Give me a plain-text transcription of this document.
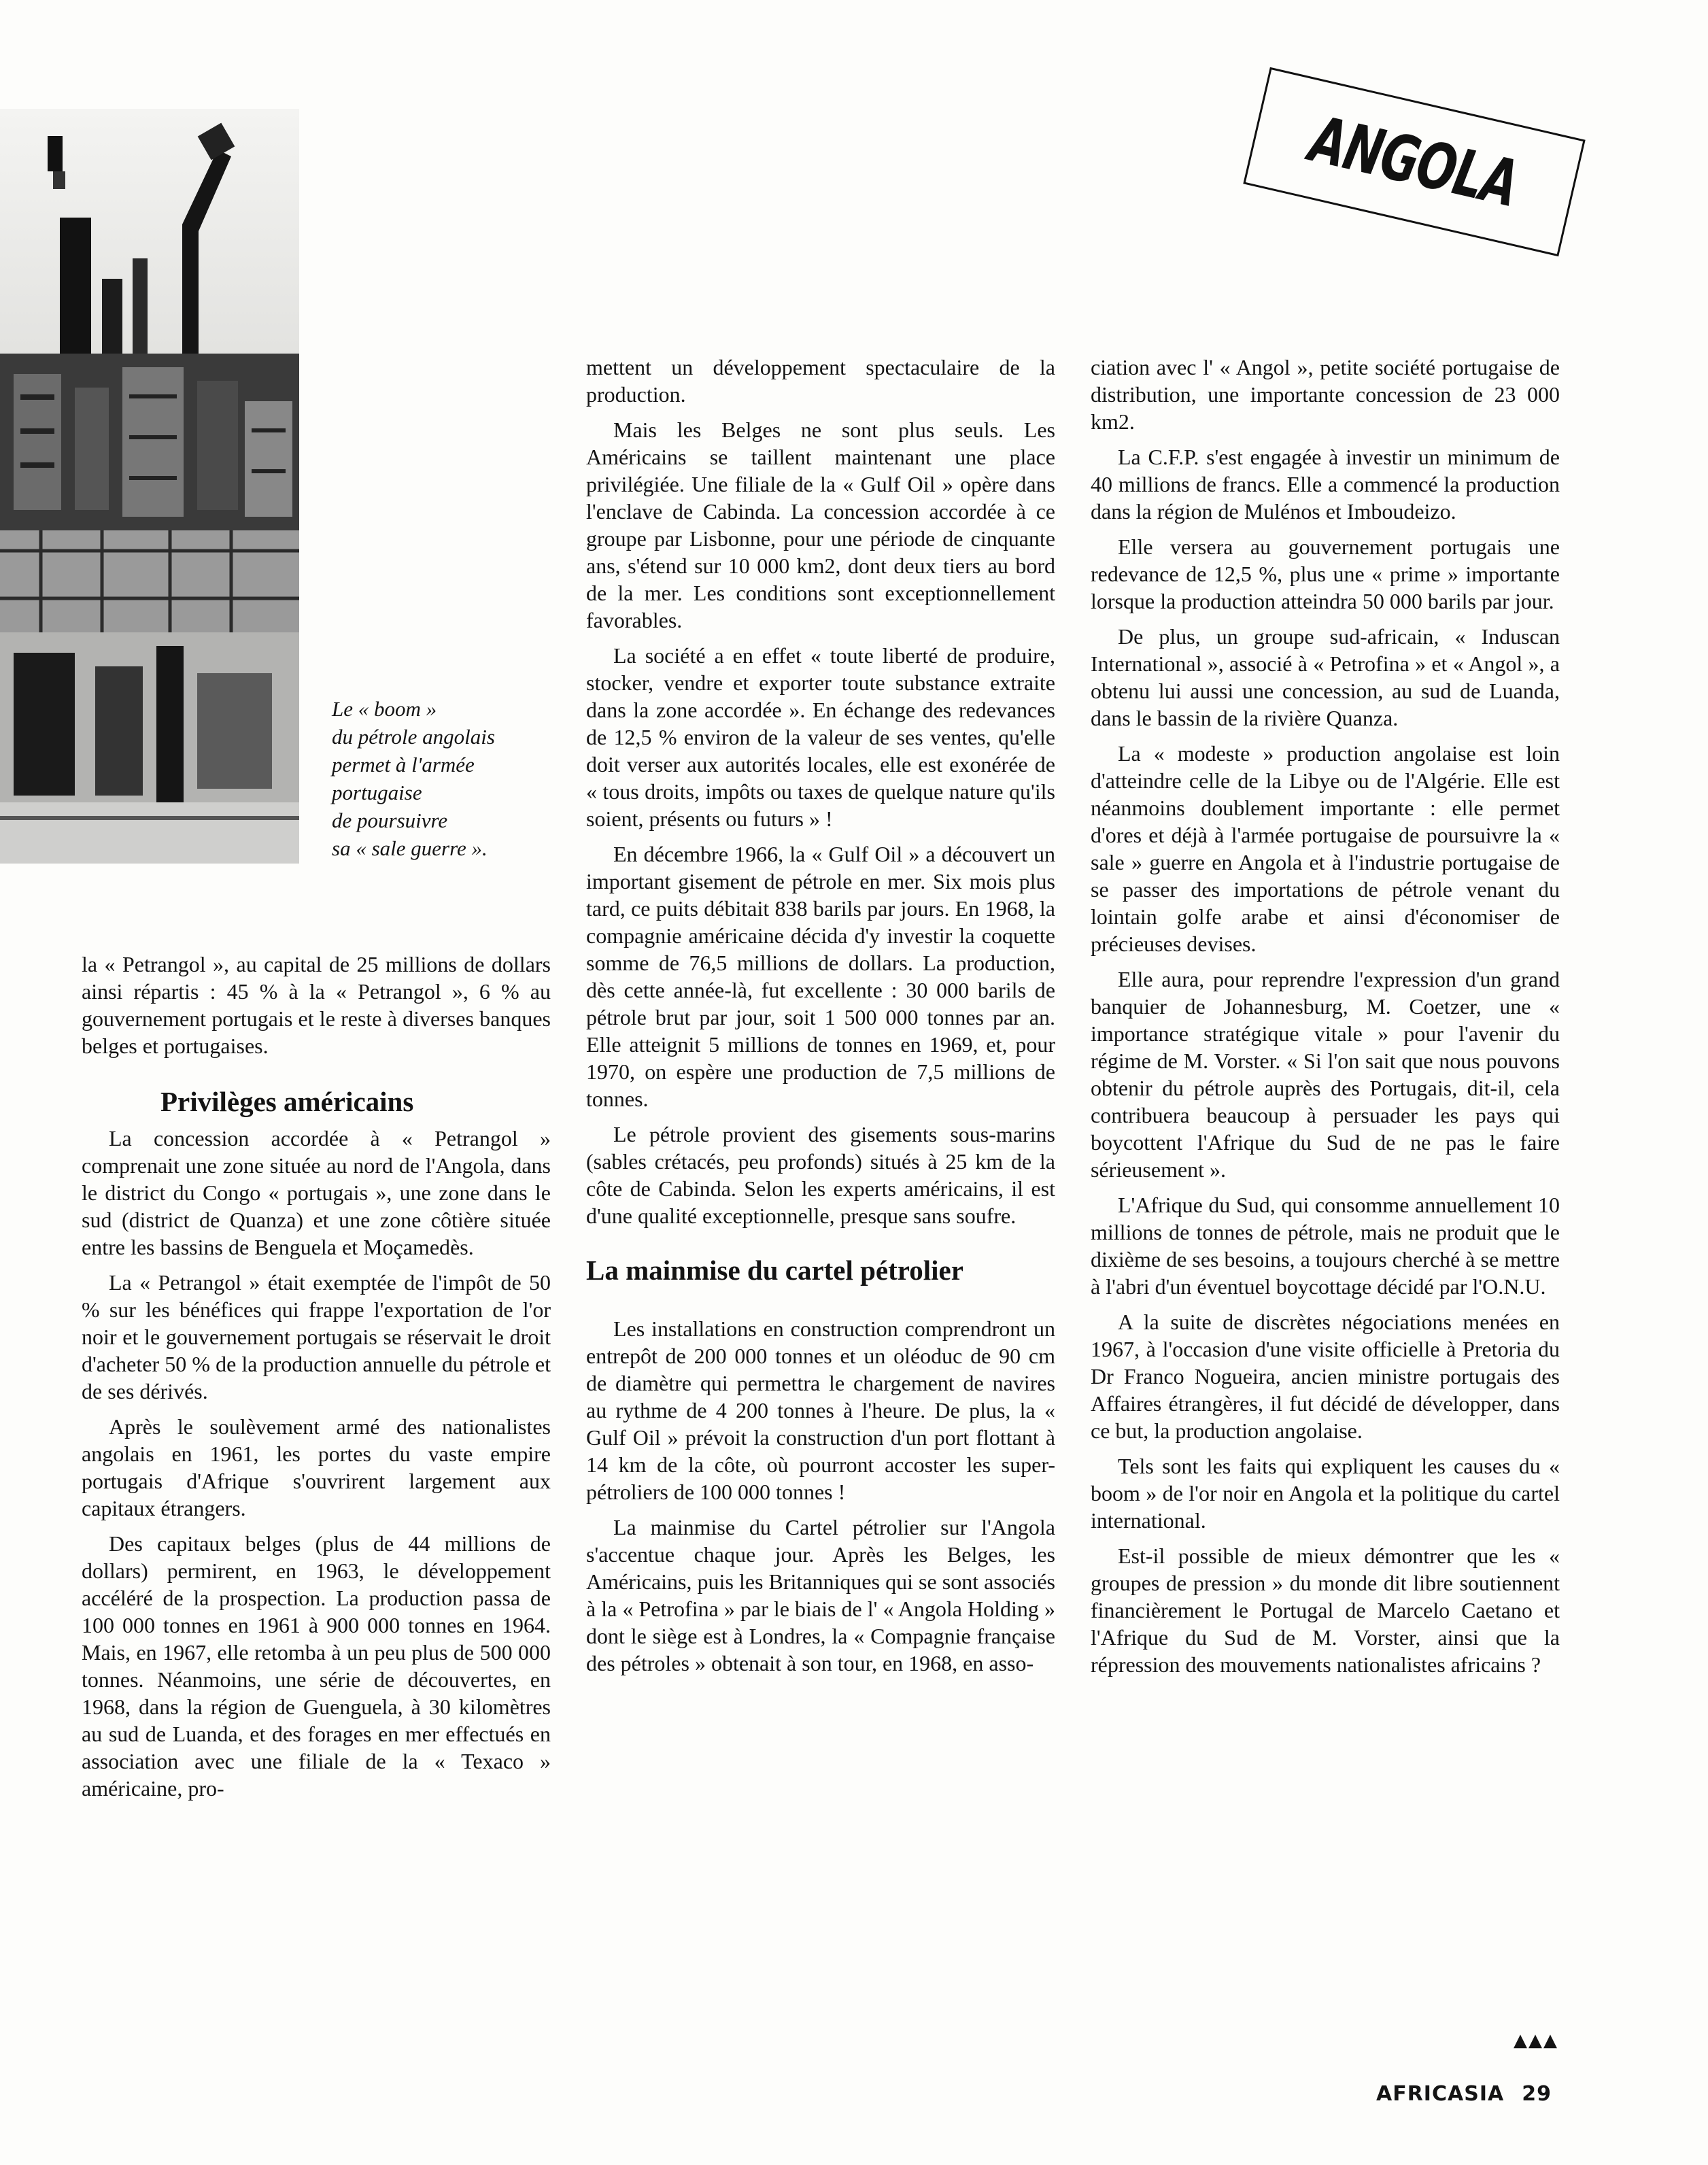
ANGOLA

Le « boom »
du pétrole angolais
permet à l'armée
portugaise
de poursuivre
sa « sale guerre ».

la « Petrangol », au capital de 25 millions de dollars ainsi répartis : 45 % à la « Petrangol », 6 % au gouvernement portugais et le reste à diverses banques belges et portugaises.

Privilèges américains

La concession accordée à « Petrangol » comprenait une zone située au nord de l'Angola, dans le district du Congo « portugais », une zone dans le sud (district de Quanza) et une zone côtière située entre les bassins de Benguela et Moçamedès.

La « Petrangol » était exemptée de l'impôt de 50 % sur les bénéfices qui frappe l'exportation de l'or noir et le gouvernement portugais se réservait le droit d'acheter 50 % de la production annuelle du pétrole et de ses dérivés.

Après le soulèvement armé des nationalistes angolais en 1961, les portes du vaste empire portugais d'Afrique s'ouvrirent largement aux capitaux étrangers.

Des capitaux belges (plus de 44 millions de dollars) permirent, en 1963, le développement accéléré de la prospection. La production passa de 100 000 tonnes en 1961 à 900 000 tonnes en 1964. Mais, en 1967, elle retomba à un peu plus de 500 000 tonnes. Néanmoins, une série de découvertes, en 1968, dans la région de Guenguela, à 30 kilomètres au sud de Luanda, et des forages en mer effectués en association avec une filiale de la « Texaco » américaine, pro-

mettent un développement spectaculaire de la production.

Mais les Belges ne sont plus seuls. Les Américains se taillent maintenant une place privilégiée. Une filiale de la « Gulf Oil » opère dans l'enclave de Cabinda. La concession accordée à ce groupe par Lisbonne, pour une période de cinquante ans, s'étend sur 10 000 km2, dont deux tiers au bord de la mer. Les conditions sont exceptionnellement favorables.

La société a en effet « toute liberté de produire, stocker, vendre et exporter toute substance extraite dans la zone accordée ». En échange des redevances de 12,5 % environ de la valeur de ses ventes, qu'elle doit verser aux autorités locales, elle est exonérée de « tous droits, impôts ou taxes de quelque nature qu'ils soient, présents ou futurs » !

En décembre 1966, la « Gulf Oil » a découvert un important gisement de pétrole en mer. Six mois plus tard, ce puits débitait 838 barils par jours. En 1968, la compagnie américaine décida d'y investir la coquette somme de 76,5 millions de dollars. La production, dès cette année-là, fut excellente : 30 000 barils de pétrole brut par jour, soit 1 500 000 tonnes par an. Elle atteignit 5 millions de tonnes en 1969, et, pour 1970, on espère une production de 7,5 millions de tonnes.

Le pétrole provient des gisements sous-marins (sables crétacés, peu profonds) situés à 25 km de la côte de Cabinda. Selon les experts américains, il est d'une qualité exceptionnelle, presque sans soufre.

La mainmise du cartel pétrolier

Les installations en construction comprendront un entrepôt de 200 000 tonnes et un oléoduc de 90 cm de diamètre qui permettra le chargement de navires au rythme de 4 200 tonnes à l'heure. De plus, la « Gulf Oil » prévoit la construction d'un port flottant à 14 km de la côte, où pourront accoster les super-pétroliers de 100 000 tonnes !

La mainmise du Cartel pétrolier sur l'Angola s'accentue chaque jour. Après les Belges, les Américains, puis les Britanniques qui se sont associés à la « Petrofina » par le biais de l' « Angola Holding » dont le siège est à Londres, la « Compagnie française des pétroles » obtenait à son tour, en 1968, en asso-

ciation avec l' « Angol », petite société portugaise de distribution, une importante concession de 23 000 km2.

La C.F.P. s'est engagée à investir un minimum de 40 millions de francs. Elle a commencé la production dans la région de Mulénos et Imboudeizo.

Elle versera au gouvernement portugais une redevance de 12,5 %, plus une « prime » importante lorsque la production atteindra 50 000 barils par jour.

De plus, un groupe sud-africain, « Induscan International », associé à « Petrofina » et « Angol », a obtenu lui aussi une concession, au sud de Luanda, dans le bassin de la rivière Quanza.

La « modeste » production angolaise est loin d'atteindre celle de la Libye ou de l'Algérie. Elle est néanmoins doublement importante : elle permet d'ores et déjà à l'armée portugaise de poursuivre la « sale » guerre en Angola et à l'industrie portugaise de se passer des importations de pétrole venant du lointain golfe arabe et ainsi d'économiser de précieuses devises.

Elle aura, pour reprendre l'expression d'un grand banquier de Johannesburg, M. Coetzer, une « importance stratégique vitale » pour l'avenir du régime de M. Vorster. « Si l'on sait que nous pouvons obtenir du pétrole auprès des Portugais, dit-il, cela contribuera beaucoup à persuader les pays qui boycottent l'Afrique du Sud de ne pas le faire sérieusement ».

L'Afrique du Sud, qui consomme annuellement 10 millions de tonnes de pétrole, mais ne produit que le dixième de ses besoins, a toujours cherché à se mettre à l'abri d'un éventuel boycottage décidé par l'O.N.U.

A la suite de discrètes négociations menées en 1967, à l'occasion d'une visite officielle à Pretoria du Dr Franco Nogueira, ancien ministre portugais des Affaires étrangères, il fut décidé de développer, dans ce but, la production angolaise.

Tels sont les faits qui expliquent les causes du « boom » de l'or noir en Angola et la politique du cartel international.

Est-il possible de mieux démontrer que les « groupes de pression » du monde dit libre soutiennent financièrement le Portugal de Marcelo Caetano et l'Afrique du Sud de M. Vorster, ainsi que la répression des mouvements nationalistes africains ?

▲▲▲
AFRICASIA 29
